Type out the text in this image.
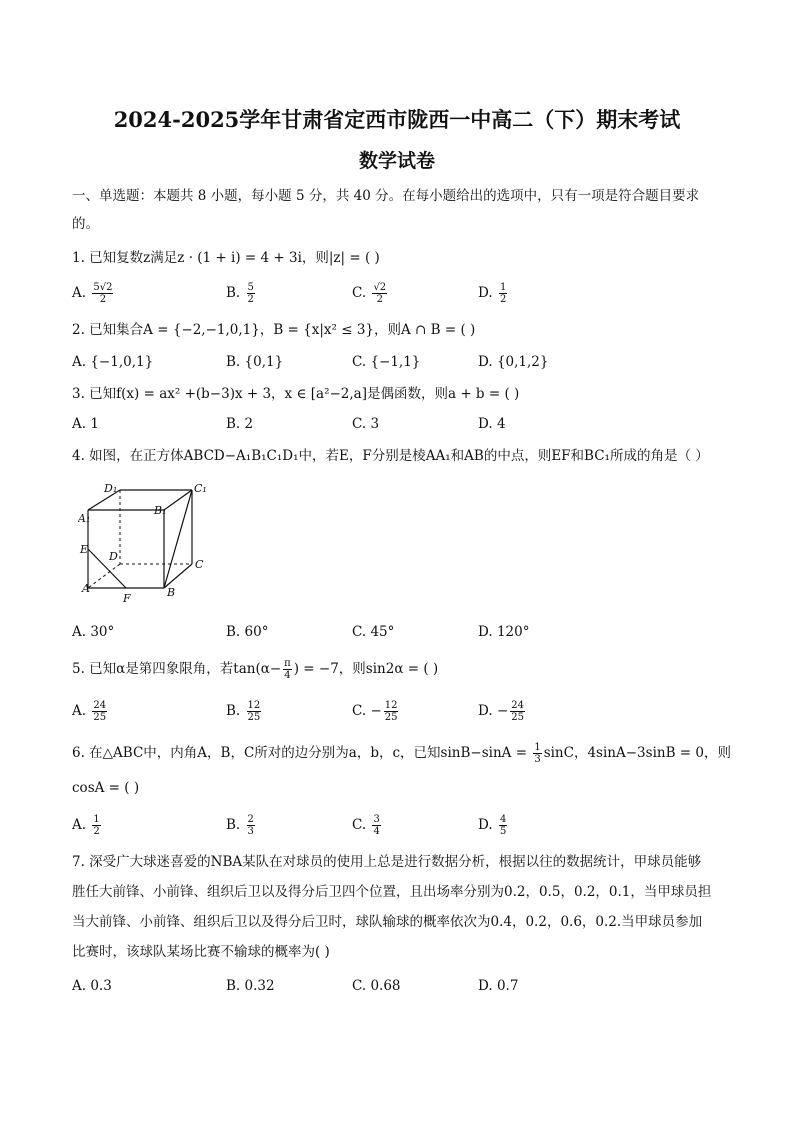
2024-2025学年甘肃省定西市陇西一中高二（下）期末考试
数学试卷
一、单选题：本题共 8 小题，每小题 5 分，共 40 分。在每小题给出的选项中，只有一项是符合题目要求
的。
1. 已知复数z满足z · (1 + i) = 4 + 3i，则|z| = ( )
A. $\frac{5√2}{2}$	B. $\frac{5}{2}$	C. $\frac{√2}{2}$	D. $\frac{1}{2}$
2. 已知集合A = {−2,−1,0,1}，B = {x|x² ≤ 3}，则A ∩ B = ( )
A. {−1,0,1}	B. {0,1}	C. {−1,1}	D. {0,1,2}
3. 已知f(x) = ax² +(b−3)x + 3，x ∈ [a²−2,a]是偶函数，则a + b = ( )
A. 1	B. 2	C. 3	D. 4
4. 如图，在正方体ABCD−A₁B₁C₁D₁中，若E，F分别是棱AA₁和AB的中点，则EF和BC₁所成的角是（ ）
D₁	C₁
A₁
B₁
E
D
C
A
F	B
A. 30°	B. 60°	C. 45°	D. 120°
5. 已知α是第四象限角，若$\tan(\alpha- \frac{\pi}{4}$ ) = −7，则sin2α = ( )
A. $\frac{24}{25}$	B. $\frac{12}{25}$	C. − $\frac{12}{25}$	D. − $\frac{24}{25}$
6. 在△ABC中，内角A，B，C所对的边分别为a，b，c，已知$\sin B-\sin A = \frac{1}{3}$ sinC，4sinA−3sinB = 0，则
cosA = ( )
A. $\frac{1}{2}$	B. $\frac{2}{3}$	C. $\frac{3}{4}$	D. $\frac{4}{5}$
7. 深受广大球迷喜爱的NBA某队在对球员的使用上总是进行数据分析，根据以往的数据统计，甲球员能够
胜任大前锋、小前锋、组织后卫以及得分后卫四个位置，且出场率分别为0.2，0.5，0.2，0.1，当甲球员担
当大前锋、小前锋、组织后卫以及得分后卫时，球队输球的概率依次为0.4，0.2，0.6，0.2.当甲球员参加
比赛时，该球队某场比赛不输球的概率为( )
A. 0.3	B. 0.32	C. 0.68	D. 0.7
